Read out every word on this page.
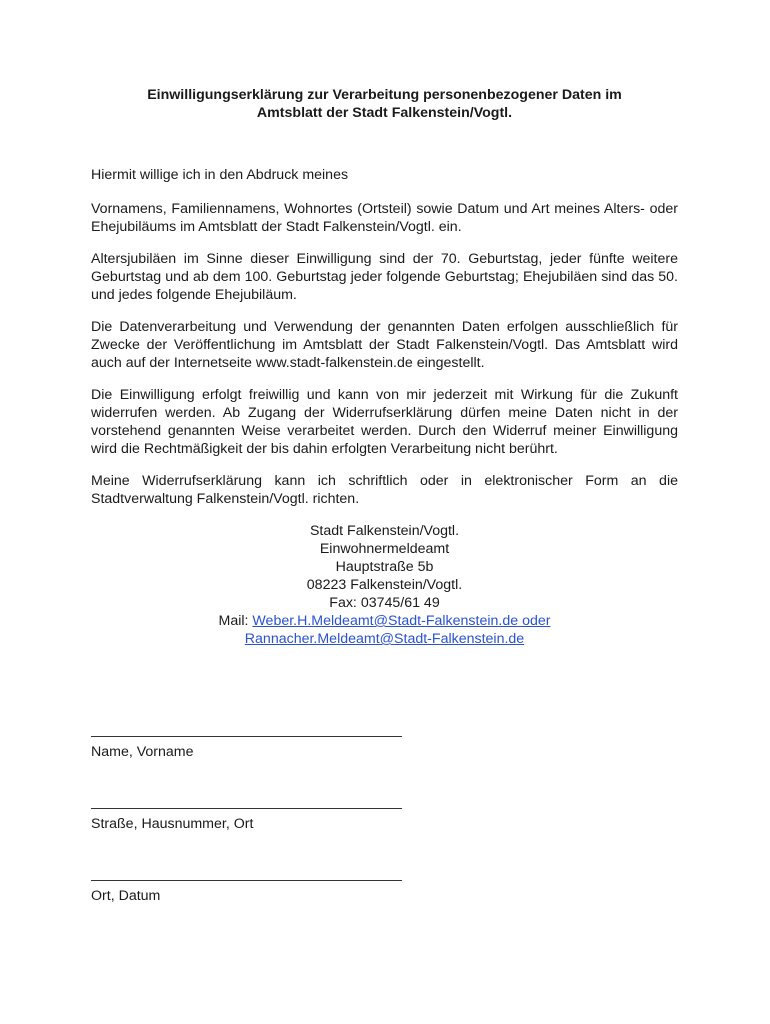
Einwilligungserklärung zur Verarbeitung personenbezogener Daten im
Amtsblatt der Stadt Falkenstein/Vogtl.

Hiermit willige ich in den Abdruck meines

Vornamens, Familiennamens, Wohnortes (Ortsteil) sowie Datum und Art meines Alters- oder Ehejubiläums im Amtsblatt der Stadt Falkenstein/Vogtl. ein.

Altersjubiläen im Sinne dieser Einwilligung sind der 70. Geburtstag, jeder fünfte weitere Geburtstag und ab dem 100. Geburtstag jeder folgende Geburtstag; Ehejubiläen sind das 50. und jedes folgende Ehejubiläum.

Die Datenverarbeitung und Verwendung der genannten Daten erfolgen ausschließlich für Zwecke der Veröffentlichung im Amtsblatt der Stadt Falkenstein/Vogtl. Das Amtsblatt wird auch auf der Internetseite www.stadt-falkenstein.de eingestellt.

Die Einwilligung erfolgt freiwillig und kann von mir jederzeit mit Wirkung für die Zukunft widerrufen werden. Ab Zugang der Widerrufserklärung dürfen meine Daten nicht in der vorstehend genannten Weise verarbeitet werden. Durch den Widerruf meiner Einwilligung wird die Rechtmäßigkeit der bis dahin erfolgten Verarbeitung nicht berührt.

Meine Widerrufserklärung kann ich schriftlich oder in elektronischer Form an die Stadtverwaltung Falkenstein/Vogtl. richten.

Stadt Falkenstein/Vogtl.
Einwohnermeldeamt
Hauptstraße 5b
08223 Falkenstein/Vogtl.
Fax: 03745/61 49
Mail: Weber.H.Meldeamt@Stadt-Falkenstein.de oder
Rannacher.Meldeamt@Stadt-Falkenstein.de
Name, Vorname
Straße, Hausnummer, Ort
Ort, Datum
